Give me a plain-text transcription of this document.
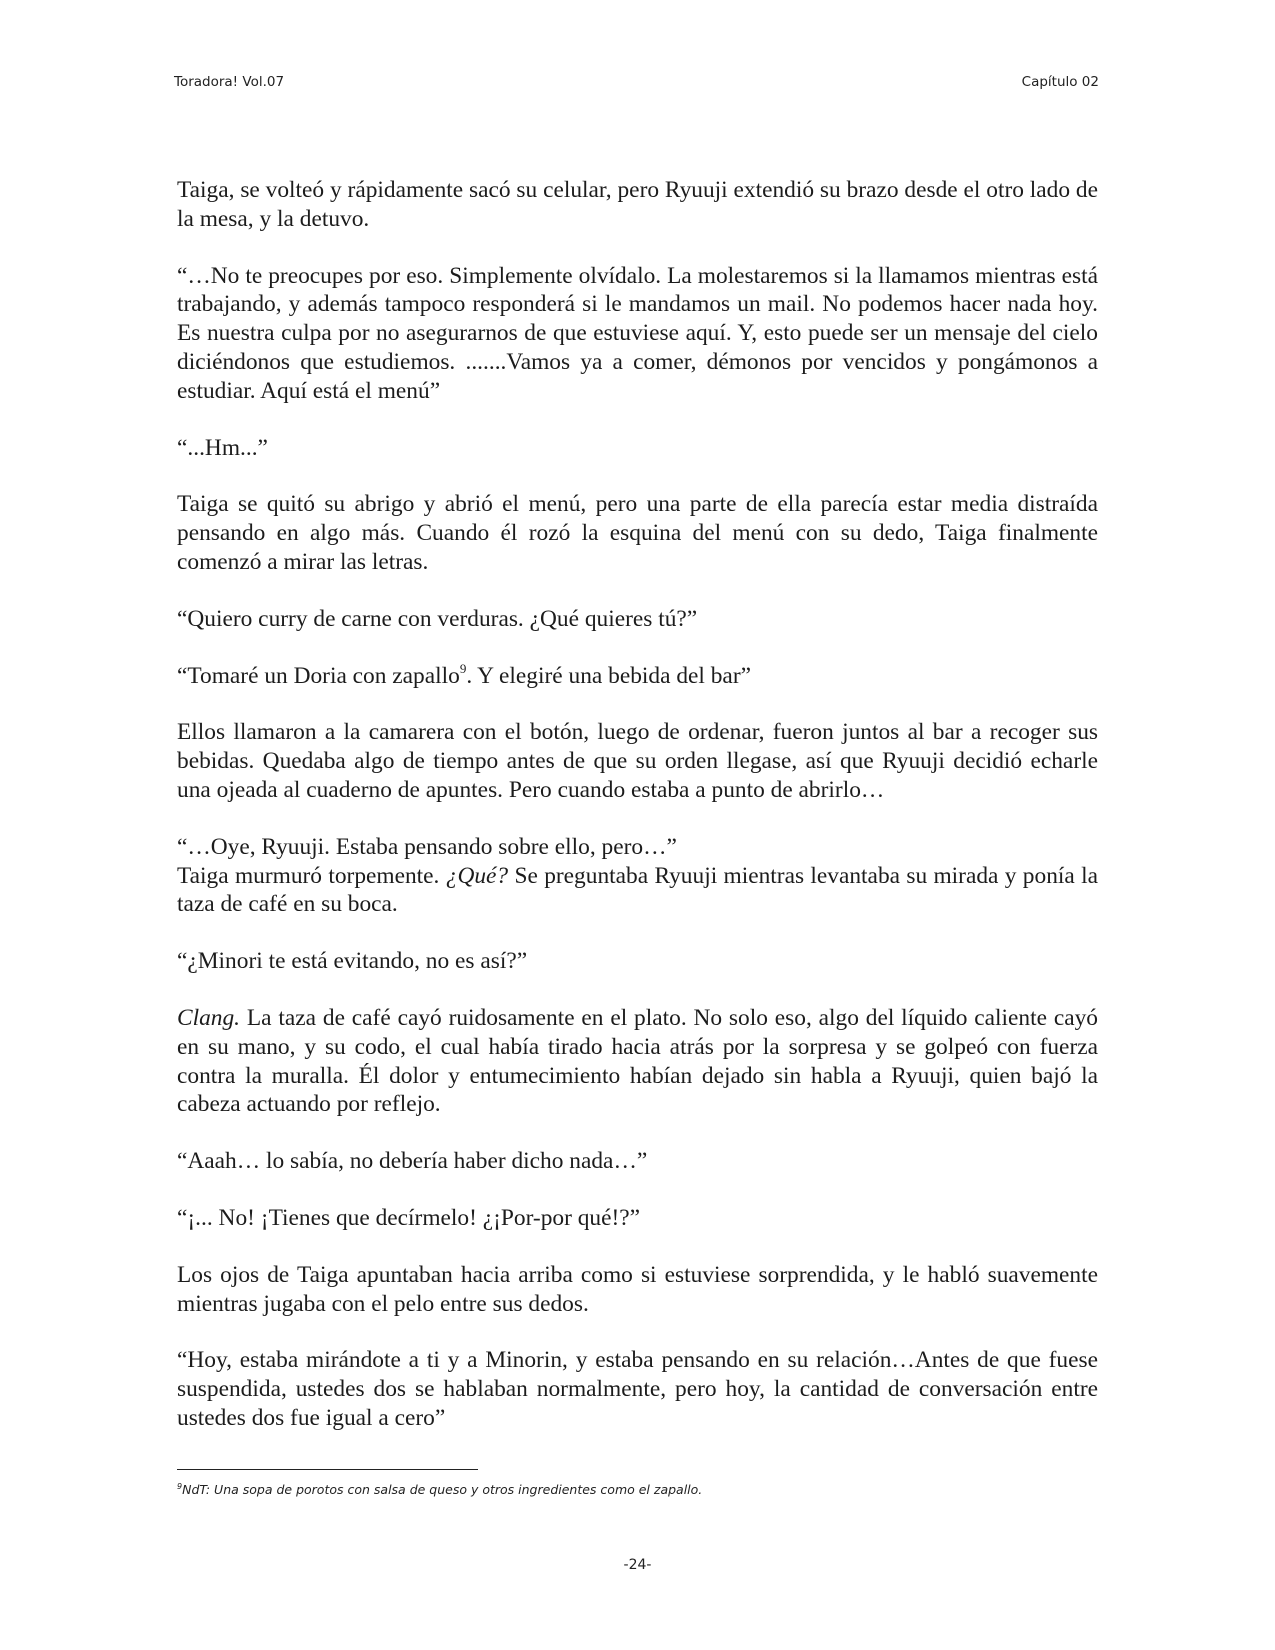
Toradora! Vol.07	Capítulo 02

Taiga, se volteó y rápidamente sacó su celular, pero Ryuuji extendió su brazo desde el otro lado de la mesa, y la detuvo.

“…No te preocupes por eso. Simplemente olvídalo. La molestaremos si la llamamos mientras está trabajando, y además tampoco responderá si le mandamos un mail. No podemos hacer nada hoy. Es nuestra culpa por no asegurarnos de que estuviese aquí. Y, esto puede ser un mensaje del cielo diciéndonos que estudiemos. .......Vamos ya a comer, démonos por vencidos y pongámonos a estudiar. Aquí está el menú”

“...Hm...”

Taiga se quitó su abrigo y abrió el menú, pero una parte de ella parecía estar media distraída pensando en algo más. Cuando él rozó la esquina del menú con su dedo, Taiga finalmente comenzó a mirar las letras.

“Quiero curry de carne con verduras. ¿Qué quieres tú?”

“Tomaré un Doria con zapallo$^9$. Y elegiré una bebida del bar”

Ellos llamaron a la camarera con el botón, luego de ordenar, fueron juntos al bar a recoger sus bebidas. Quedaba algo de tiempo antes de que su orden llegase, así que Ryuuji decidió echarle una ojeada al cuaderno de apuntes. Pero cuando estaba a punto de abrirlo…

“…Oye, Ryuuji. Estaba pensando sobre ello, pero…”

Taiga murmuró torpemente. ¿Qué? Se preguntaba Ryuuji mientras levantaba su mirada y ponía la taza de café en su boca.

“¿Minori te está evitando, no es así?”

Clang. La taza de café cayó ruidosamente en el plato. No solo eso, algo del líquido caliente cayó en su mano, y su codo, el cual había tirado hacia atrás por la sorpresa y se golpeó con fuerza contra la muralla. Él dolor y entumecimiento habían dejado sin habla a Ryuuji, quien bajó la cabeza actuando por reflejo.

“Aaah… lo sabía, no debería haber dicho nada…”

“¡... No! ¡Tienes que decírmelo! ¿¡Por-por qué!?”

Los ojos de Taiga apuntaban hacia arriba como si estuviese sorprendida, y le habló suavemente mientras jugaba con el pelo entre sus dedos.

“Hoy, estaba mirándote a ti y a Minorin, y estaba pensando en su relación…Antes de que fuese suspendida, ustedes dos se hablaban normalmente, pero hoy, la cantidad de conversación entre ustedes dos fue igual a cero”

$^9$NdT: Una sopa de porotos con salsa de queso y otros ingredientes como el zapallo.
-24-
